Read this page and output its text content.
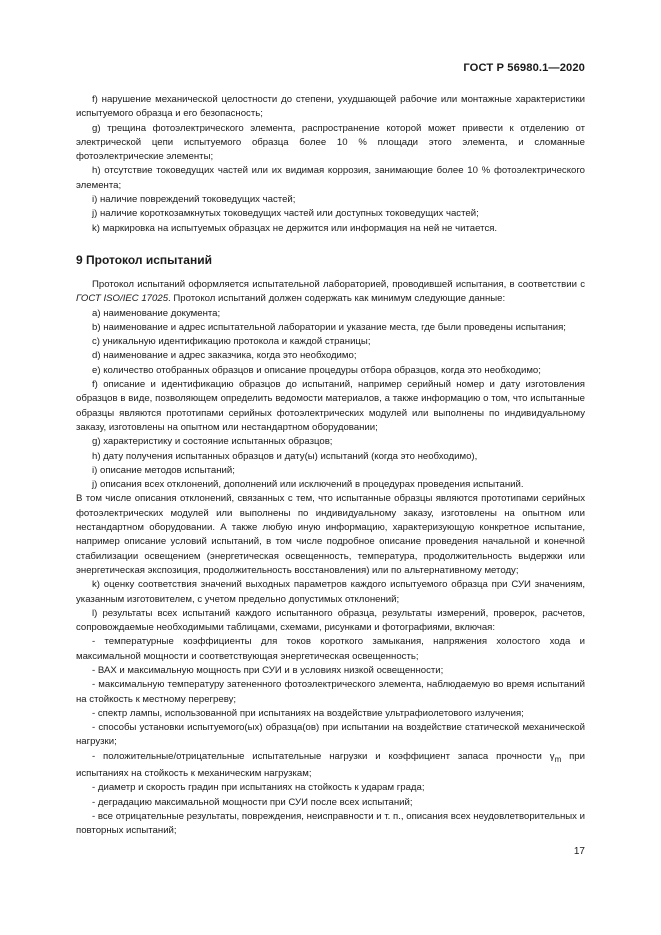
ГОСТ Р 56980.1—2020

f) нарушение механической целостности до степени, ухудшающей рабочие или монтажные характеристики испытуемого образца и его безопасность;

g) трещина фотоэлектрического элемента, распространение которой может привести к отделению от электрической цепи испытуемого образца более 10 % площади этого элемента, и сломанные фотоэлектрические элементы;

h) отсутствие токоведущих частей или их видимая коррозия, занимающие более 10 % фотоэлектрического элемента;

i) наличие повреждений токоведущих частей;

j) наличие короткозамкнутых токоведущих частей или доступных токоведущих частей;

k) маркировка на испытуемых образцах не держится или информация на ней не читается.

9 Протокол испытаний

Протокол испытаний оформляется испытательной лабораторией, проводившей испытания, в соответствии с ГОСТ ISO/IEC 17025. Протокол испытаний должен содержать как минимум следующие данные:

а) наименование документа;

b) наименование и адрес испытательной лаборатории и указание места, где были проведены испытания;

c) уникальную идентификацию протокола и каждой страницы;

d) наименование и адрес заказчика, когда это необходимо;

e) количество отобранных образцов и описание процедуры отбора образцов, когда это необходимо;

f) описание и идентификацию образцов до испытаний, например серийный номер и дату изготовления образцов в виде, позволяющем определить ведомости материалов, а также информацию о том, что испытанные образцы являются прототипами серийных фотоэлектрических модулей или выполнены по индивидуальному заказу, изготовлены на опытном или нестандартном оборудовании;

g) характеристику и состояние испытанных образцов;

h) дату получения испытанных образцов и дату(ы) испытаний (когда это необходимо),

i) описание методов испытаний;

j) описания всех отклонений, дополнений или исключений в процедурах проведения испытаний.

В том числе описания отклонений, связанных с тем, что испытанные образцы являются прототипами серийных фотоэлектрических модулей или выполнены по индивидуальному заказу, изготовлены на опытном или нестандартном оборудовании. А также любую иную информацию, характеризующую конкретное испытание, например описание условий испытаний, в том числе подробное описание проведения начальной и конечной стабилизации освещением (энергетическая освещенность, температура, продолжительность выдержки или энергетическая экспозиция, продолжительность восстановления) или по альтернативному методу;

k) оценку соответствия значений выходных параметров каждого испытуемого образца при СУИ значениям, указанным изготовителем, с учетом предельно допустимых отклонений;

l) результаты всех испытаний каждого испытанного образца, результаты измерений, проверок, расчетов, сопровождаемые необходимыми таблицами, схемами, рисунками и фотографиями, включая:

- температурные коэффициенты для токов короткого замыкания, напряжения холостого хода и максимальной мощности и соответствующая энергетическая освещенность;

- ВАХ и максимальную мощность при СУИ и в условиях низкой освещенности;

- максимальную температуру затененного фотоэлектрического элемента, наблюдаемую во время испытаний на стойкость к местному перегреву;

- спектр лампы, использованной при испытаниях на воздействие ультрафиолетового излучения;

- способы установки испытуемого(ых) образца(ов) при испытании на воздействие статической механической нагрузки;

- положительные/отрицательные испытательные нагрузки и коэффициент запаса прочности $\gamma_m$ при испытаниях на стойкость к механическим нагрузкам;

- диаметр и скорость градин при испытаниях на стойкость к ударам града;

- деградацию максимальной мощности при СУИ после всех испытаний;

- все отрицательные результаты, повреждения, неисправности и т. п., описания всех неудовлетворительных и повторных испытаний;

17
